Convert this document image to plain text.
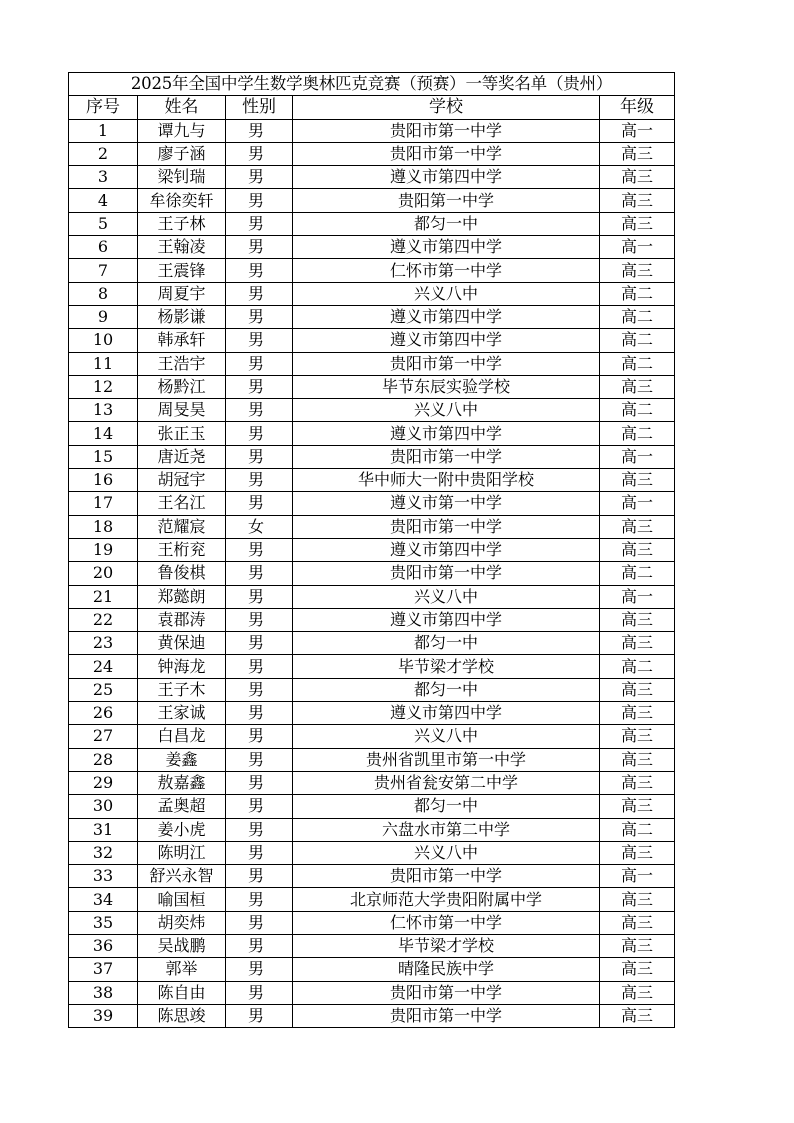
2025年全国中学生数学奥林匹克竞赛（预赛）一等奖名单（贵州）				
序号	姓名	性别	学校	年级
1	谭九与	男	贵阳市第一中学	高一
2	廖子涵	男	贵阳市第一中学	高三
3	梁钊瑞	男	遵义市第四中学	高三
4	牟徐奕轩	男	贵阳第一中学	高三
5	王子林	男	都匀一中	高三
6	王翰凌	男	遵义市第四中学	高一
7	王震锋	男	仁怀市第一中学	高三
8	周夏宇	男	兴义八中	高二
9	杨影谦	男	遵义市第四中学	高二
10	韩承轩	男	遵义市第四中学	高二
11	王浩宇	男	贵阳市第一中学	高二
12	杨黔江	男	毕节东辰实验学校	高三
13	周旻昊	男	兴义八中	高二
14	张正玉	男	遵义市第四中学	高二
15	唐近尧	男	贵阳市第一中学	高一
16	胡冠宇	男	华中师大一附中贵阳学校	高三
17	王名江	男	遵义市第一中学	高一
18	范耀宸	女	贵阳市第一中学	高三
19	王桁兖	男	遵义市第四中学	高三
20	鲁俊棋	男	贵阳市第一中学	高二
21	郑懿朗	男	兴义八中	高一
22	袁郡涛	男	遵义市第四中学	高三
23	黄保迪	男	都匀一中	高三
24	钟海龙	男	毕节梁才学校	高二
25	王子木	男	都匀一中	高三
26	王家诚	男	遵义市第四中学	高三
27	白昌龙	男	兴义八中	高三
28	姜鑫	男	贵州省凯里市第一中学	高三
29	敖嘉鑫	男	贵州省瓮安第二中学	高三
30	孟奥超	男	都匀一中	高三
31	姜小虎	男	六盘水市第二中学	高二
32	陈明江	男	兴义八中	高三
33	舒兴永智	男	贵阳市第一中学	高一
34	喻国桓	男	北京师范大学贵阳附属中学	高三
35	胡奕炜	男	仁怀市第一中学	高三
36	吴战鹏	男	毕节梁才学校	高三
37	郭举	男	晴隆民族中学	高三
38	陈自由	男	贵阳市第一中学	高三
39	陈思竣	男	贵阳市第一中学	高三
